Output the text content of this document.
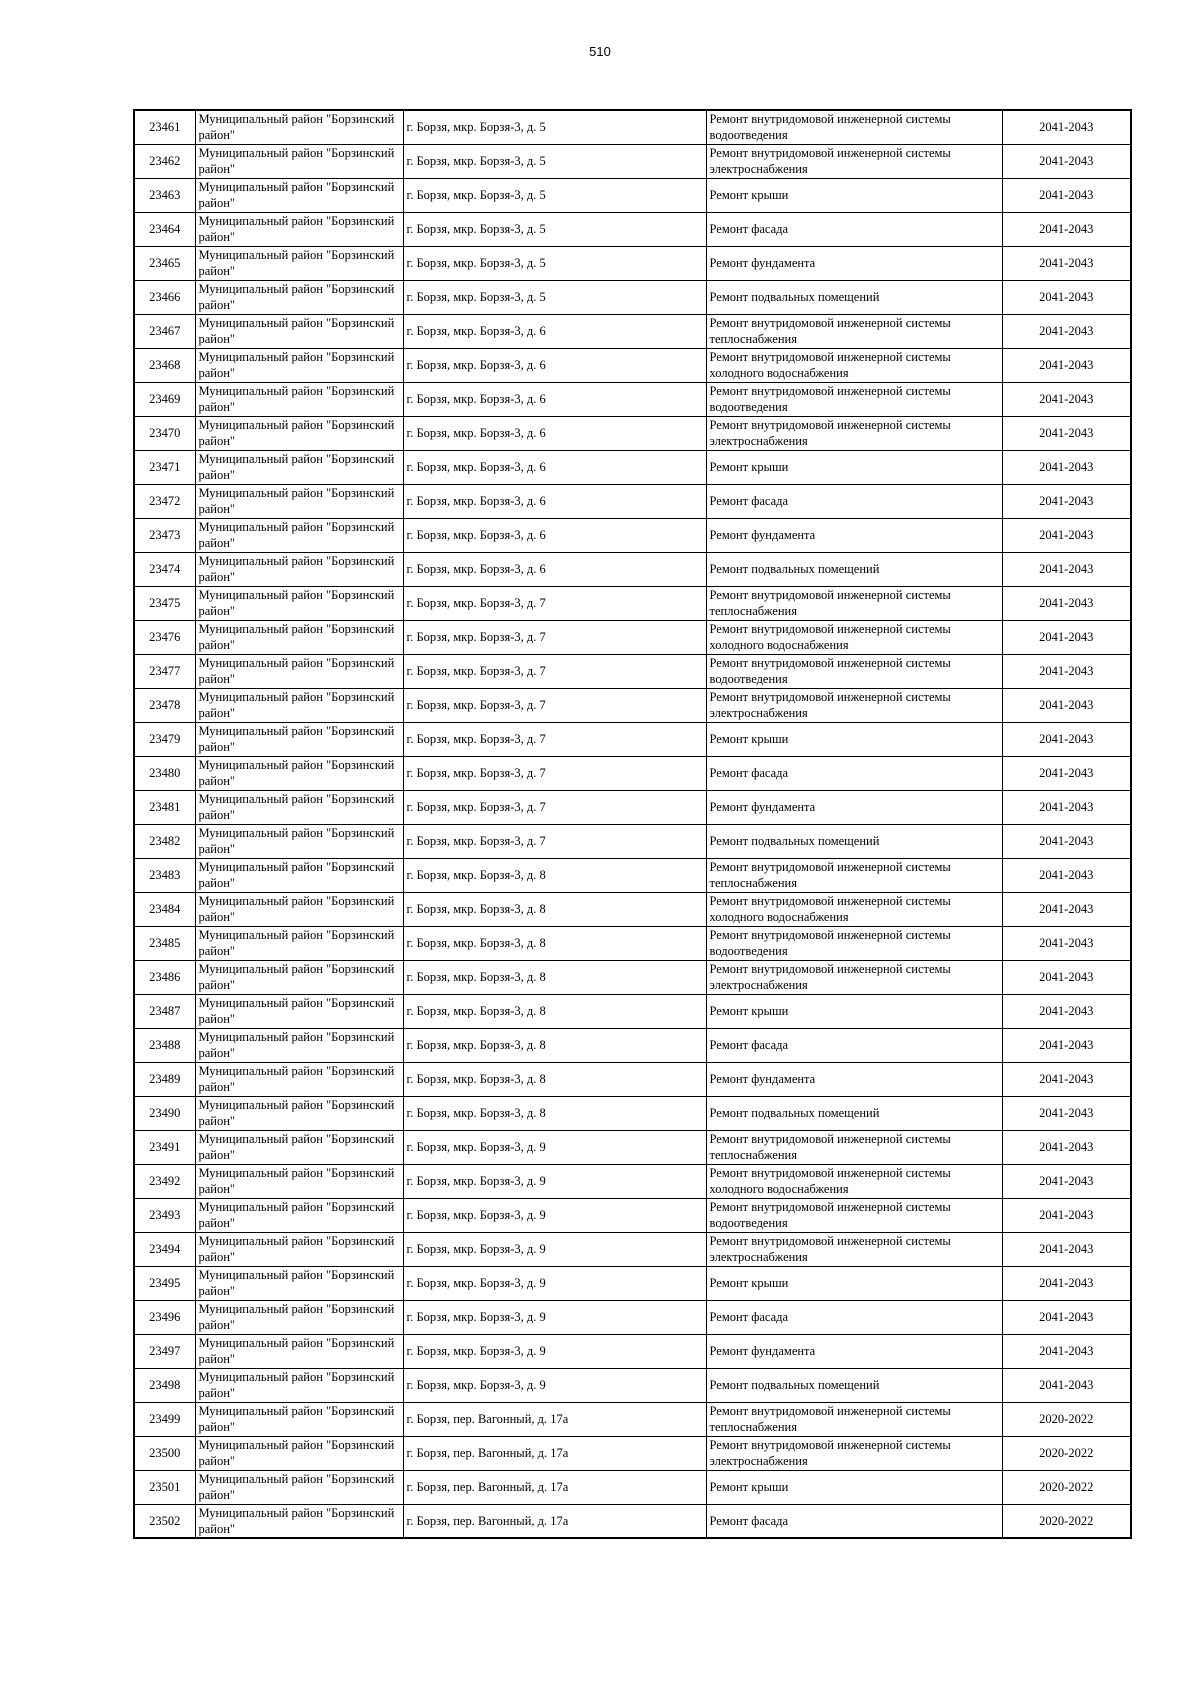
510
23461	Муниципальный район "Борзинский район"	г. Борзя, мкр. Борзя-3, д. 5	Ремонт внутридомовой инженерной системы водоотведения	2041-2043
23462	Муниципальный район "Борзинский район"	г. Борзя, мкр. Борзя-3, д. 5	Ремонт внутридомовой инженерной системы электроснабжения	2041-2043
23463	Муниципальный район "Борзинский район"	г. Борзя, мкр. Борзя-3, д. 5	Ремонт крыши	2041-2043
23464	Муниципальный район "Борзинский район"	г. Борзя, мкр. Борзя-3, д. 5	Ремонт фасада	2041-2043
23465	Муниципальный район "Борзинский район"	г. Борзя, мкр. Борзя-3, д. 5	Ремонт фундамента	2041-2043
23466	Муниципальный район "Борзинский район"	г. Борзя, мкр. Борзя-3, д. 5	Ремонт подвальных помещений	2041-2043
23467	Муниципальный район "Борзинский район"	г. Борзя, мкр. Борзя-3, д. 6	Ремонт внутридомовой инженерной системы теплоснабжения	2041-2043
23468	Муниципальный район "Борзинский район"	г. Борзя, мкр. Борзя-3, д. 6	Ремонт внутридомовой инженерной системы холодного водоснабжения	2041-2043
23469	Муниципальный район "Борзинский район"	г. Борзя, мкр. Борзя-3, д. 6	Ремонт внутридомовой инженерной системы водоотведения	2041-2043
23470	Муниципальный район "Борзинский район"	г. Борзя, мкр. Борзя-3, д. 6	Ремонт внутридомовой инженерной системы электроснабжения	2041-2043
23471	Муниципальный район "Борзинский район"	г. Борзя, мкр. Борзя-3, д. 6	Ремонт крыши	2041-2043
23472	Муниципальный район "Борзинский район"	г. Борзя, мкр. Борзя-3, д. 6	Ремонт фасада	2041-2043
23473	Муниципальный район "Борзинский район"	г. Борзя, мкр. Борзя-3, д. 6	Ремонт фундамента	2041-2043
23474	Муниципальный район "Борзинский район"	г. Борзя, мкр. Борзя-3, д. 6	Ремонт подвальных помещений	2041-2043
23475	Муниципальный район "Борзинский район"	г. Борзя, мкр. Борзя-3, д. 7	Ремонт внутридомовой инженерной системы теплоснабжения	2041-2043
23476	Муниципальный район "Борзинский район"	г. Борзя, мкр. Борзя-3, д. 7	Ремонт внутридомовой инженерной системы холодного водоснабжения	2041-2043
23477	Муниципальный район "Борзинский район"	г. Борзя, мкр. Борзя-3, д. 7	Ремонт внутридомовой инженерной системы водоотведения	2041-2043
23478	Муниципальный район "Борзинский район"	г. Борзя, мкр. Борзя-3, д. 7	Ремонт внутридомовой инженерной системы электроснабжения	2041-2043
23479	Муниципальный район "Борзинский район"	г. Борзя, мкр. Борзя-3, д. 7	Ремонт крыши	2041-2043
23480	Муниципальный район "Борзинский район"	г. Борзя, мкр. Борзя-3, д. 7	Ремонт фасада	2041-2043
23481	Муниципальный район "Борзинский район"	г. Борзя, мкр. Борзя-3, д. 7	Ремонт фундамента	2041-2043
23482	Муниципальный район "Борзинский район"	г. Борзя, мкр. Борзя-3, д. 7	Ремонт подвальных помещений	2041-2043
23483	Муниципальный район "Борзинский район"	г. Борзя, мкр. Борзя-3, д. 8	Ремонт внутридомовой инженерной системы теплоснабжения	2041-2043
23484	Муниципальный район "Борзинский район"	г. Борзя, мкр. Борзя-3, д. 8	Ремонт внутридомовой инженерной системы холодного водоснабжения	2041-2043
23485	Муниципальный район "Борзинский район"	г. Борзя, мкр. Борзя-3, д. 8	Ремонт внутридомовой инженерной системы водоотведения	2041-2043
23486	Муниципальный район "Борзинский район"	г. Борзя, мкр. Борзя-3, д. 8	Ремонт внутридомовой инженерной системы электроснабжения	2041-2043
23487	Муниципальный район "Борзинский район"	г. Борзя, мкр. Борзя-3, д. 8	Ремонт крыши	2041-2043
23488	Муниципальный район "Борзинский район"	г. Борзя, мкр. Борзя-3, д. 8	Ремонт фасада	2041-2043
23489	Муниципальный район "Борзинский район"	г. Борзя, мкр. Борзя-3, д. 8	Ремонт фундамента	2041-2043
23490	Муниципальный район "Борзинский район"	г. Борзя, мкр. Борзя-3, д. 8	Ремонт подвальных помещений	2041-2043
23491	Муниципальный район "Борзинский район"	г. Борзя, мкр. Борзя-3, д. 9	Ремонт внутридомовой инженерной системы теплоснабжения	2041-2043
23492	Муниципальный район "Борзинский район"	г. Борзя, мкр. Борзя-3, д. 9	Ремонт внутридомовой инженерной системы холодного водоснабжения	2041-2043
23493	Муниципальный район "Борзинский район"	г. Борзя, мкр. Борзя-3, д. 9	Ремонт внутридомовой инженерной системы водоотведения	2041-2043
23494	Муниципальный район "Борзинский район"	г. Борзя, мкр. Борзя-3, д. 9	Ремонт внутридомовой инженерной системы электроснабжения	2041-2043
23495	Муниципальный район "Борзинский район"	г. Борзя, мкр. Борзя-3, д. 9	Ремонт крыши	2041-2043
23496	Муниципальный район "Борзинский район"	г. Борзя, мкр. Борзя-3, д. 9	Ремонт фасада	2041-2043
23497	Муниципальный район "Борзинский район"	г. Борзя, мкр. Борзя-3, д. 9	Ремонт фундамента	2041-2043
23498	Муниципальный район "Борзинский район"	г. Борзя, мкр. Борзя-3, д. 9	Ремонт подвальных помещений	2041-2043
23499	Муниципальный район "Борзинский район"	г. Борзя, пер. Вагонный, д. 17а	Ремонт внутридомовой инженерной системы теплоснабжения	2020-2022
23500	Муниципальный район "Борзинский район"	г. Борзя, пер. Вагонный, д. 17а	Ремонт внутридомовой инженерной системы электроснабжения	2020-2022
23501	Муниципальный район "Борзинский район"	г. Борзя, пер. Вагонный, д. 17а	Ремонт крыши	2020-2022
23502	Муниципальный район "Борзинский район"	г. Борзя, пер. Вагонный, д. 17а	Ремонт фасада	2020-2022
